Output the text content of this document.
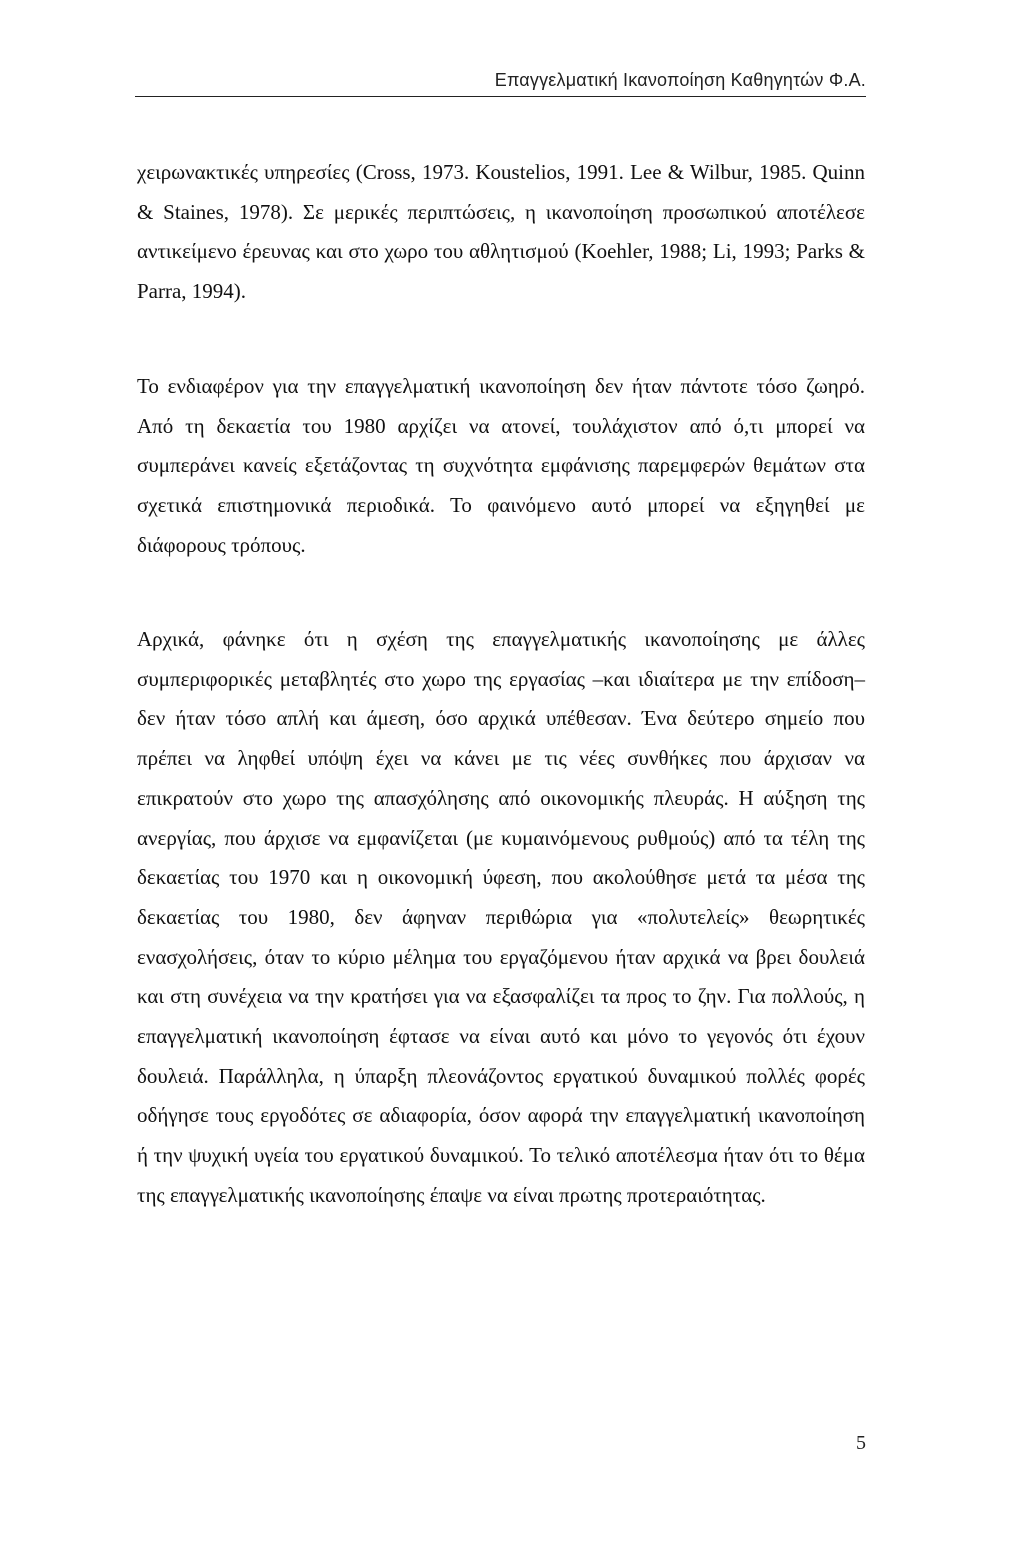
Επαγγελματική Ικανοποίηση Καθηγητών Φ.Α.

χειρωνακτικές υπηρεσίες (Cross, 1973. Koustelios, 1991. Lee & Wilbur, 1985. Quinn & Staines, 1978). Σε μερικές περιπτώσεις, η ικανοποίηση προσωπικού αποτέλεσε αντικείμενο έρευνας και στο χωρο του αθλητισμού (Koehler, 1988; Li, 1993; Parks & Parra, 1994).

Το ενδιαφέρον για την επαγγελματική ικανοποίηση δεν ήταν πάντοτε τόσο ζωηρό. Από τη δεκαετία του 1980 αρχίζει να ατονεί, τουλάχιστον από ό,τι μπορεί να συμπεράνει κανείς εξετάζοντας τη συχνότητα εμφάνισης παρεμφερών θεμάτων στα σχετικά επιστημονικά περιοδικά. Το φαινόμενο αυτό μπορεί να εξηγηθεί με διάφορους τρόπους.

Αρχικά, φάνηκε ότι η σχέση της επαγγελματικής ικανοποίησης με άλλες συμπεριφορικές μεταβλητές στο χωρο της εργασίας –και ιδιαίτερα με την επίδοση– δεν ήταν τόσο απλή και άμεση, όσο αρχικά υπέθεσαν. Ένα δεύτερο σημείο που πρέπει να ληφθεί υπόψη έχει να κάνει με τις νέες συνθήκες που άρχισαν να επικρατούν στο χωρο της απασχόλησης από οικονομικής πλευράς. Η αύξηση της ανεργίας, που άρχισε να εμφανίζεται (με κυμαινόμενους ρυθμούς) από τα τέλη της δεκαετίας του 1970 και η οικονομική ύφεση, που ακολούθησε μετά τα μέσα της δεκαετίας του 1980, δεν άφηναν περιθώρια για «πολυτελείς» θεωρητικές ενασχολήσεις, όταν το κύριο μέλημα του εργαζόμενου ήταν αρχικά να βρει δουλειά και στη συνέχεια να την κρατήσει για να εξασφαλίζει τα προς το ζην. Για πολλούς, η επαγγελματική ικανοποίηση έφτασε να είναι αυτό και μόνο το γεγονός ότι έχουν δουλειά. Παράλληλα, η ύπαρξη πλεονάζοντος εργατικού δυναμικού πολλές φορές οδήγησε τους εργοδότες σε αδιαφορία, όσον αφορά την επαγγελματική ικανοποίηση ή την ψυχική υγεία του εργατικού δυναμικού. Το τελικό αποτέλεσμα ήταν ότι το θέμα της επαγγελματικής ικανοποίησης έπαψε να είναι πρωτης προτεραιότητας.

5
